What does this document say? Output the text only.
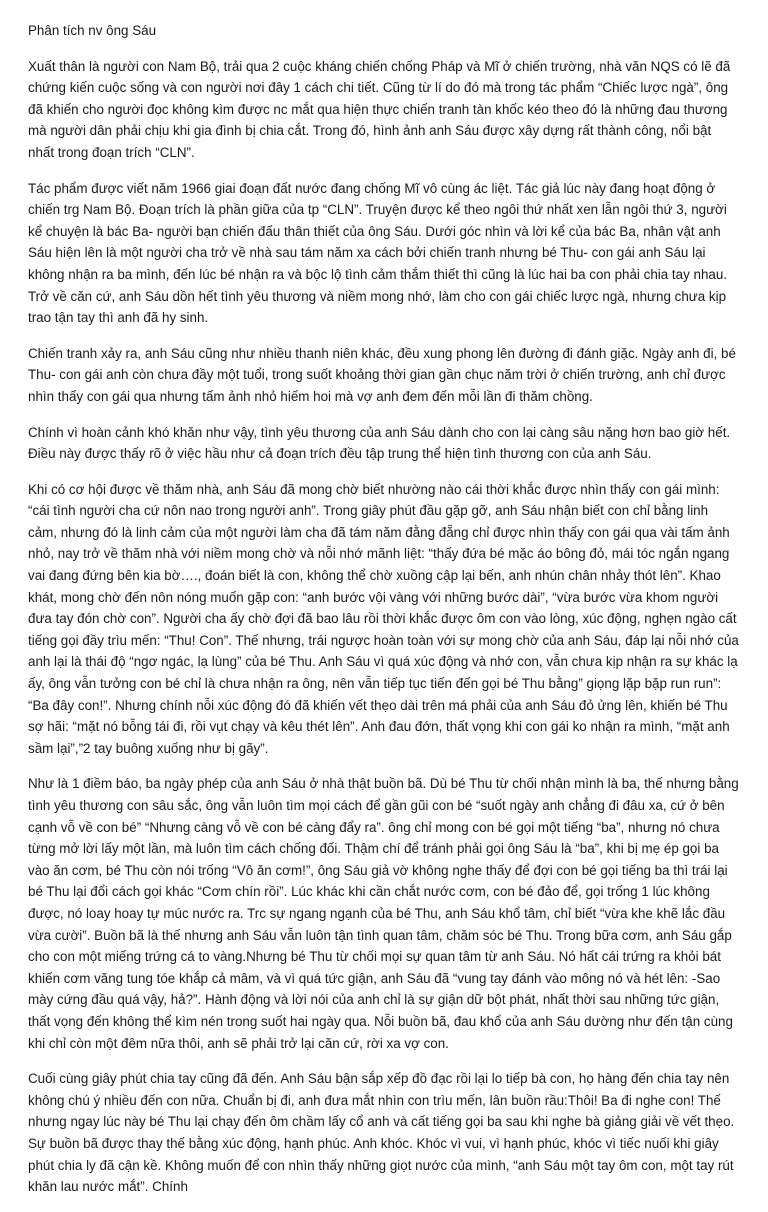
Phân tích nv ông Sáu

Xuất thân là người con Nam Bộ, trải qua 2 cuộc kháng chiến chống Pháp và Mĩ ở chiến trường, nhà văn NQS có lẽ đã chứng kiến cuộc sống và con người nơi đây 1 cách chi tiết. Cũng từ lí do đó mà trong tác phẩm “Chiếc lược ngà”, ông đã khiến cho người đọc không kìm được nc mắt qua hiện thực chiến tranh tàn khốc kéo theo đó là những đau thương mà người dân phải chịu khi gia đình bị chia cắt. Trong đó, hình ảnh anh Sáu được xây dựng rất thành công, nổi bật nhất trong đoạn trích “CLN”.

Tác phẩm được viết năm 1966 giai đoạn đất nước đang chống Mĩ vô cùng ác liệt. Tác giả lúc này đang hoạt động ở chiến trg Nam Bộ. Đoạn trích là phần giữa của tp “CLN”. Truyện được kể theo ngôi thứ nhất xen lẫn ngôi thứ 3, người kể chuyện là bác Ba- người bạn chiến đấu thân thiết của ông Sáu. Dưới góc nhìn và lời kể của bác Ba, nhân vật anh Sáu hiện lên là một người cha trở về nhà sau tám năm xa cách bởi chiến tranh nhưng bé Thu- con gái anh Sáu lại không nhận ra ba mình, đến lúc bé nhận ra và bộc lộ tình cảm thắm thiết thì cũng là lúc hai ba con phải chia tay nhau. Trở về căn cứ, anh Sáu dồn hết tình yêu thương và niềm mong nhớ, làm cho con gái chiếc lược ngà, nhưng chưa kịp trao tận tay thì anh đã hy sinh.

Chiến tranh xảy ra, anh Sáu cũng như nhiều thanh niên khác, đều xung phong lên đường đi đánh giặc. Ngày anh đi, bé Thu- con gái anh còn chưa đầy một tuổi, trong suốt khoảng thời gian gần chục năm trời ở chiến trường, anh chỉ được nhìn thấy con gái qua nhưng tấm ảnh nhỏ hiếm hoi mà vợ anh đem đến mỗi lần đi thăm chồng.

Chính vì hoàn cảnh khó khăn như vậy, tình yêu thương của anh Sáu dành cho con lại càng sâu nặng hơn bao giờ hết. Điều này được thấy rõ ở việc hầu như cả đoạn trích đều tập trung thể hiện tình thương con của anh Sáu.

Khi có cơ hội được về thăm nhà, anh Sáu đã mong chờ biết nhường nào cái thời khắc được nhìn thấy con gái mình: “cái tình người cha cứ nôn nao trong người anh”. Trong giây phút đầu gặp gỡ, anh Sáu nhận biết con chỉ bằng linh cảm, nhưng đó là linh cảm của một người làm cha đã tám năm đằng đẵng chỉ được nhìn thấy con gái qua vài tấm ảnh nhỏ, nay trở về thăm nhà với niềm mong chờ và nỗi nhớ mãnh liệt: “thấy đứa bé mặc áo bông đỏ, mái tóc ngắn ngang vai đang đứng bên kia bờ…., đoán biết là con, không thể chờ xuồng cập lại bến, anh nhún chân nhảy thót lên”. Khao khát, mong chờ đến nôn nóng muốn gặp con: “anh bước vội vàng với những bước dài”, “vừa bước vừa khom người đưa tay đón chờ con”. Người cha ấy chờ đợi đã bao lâu rồi thời khắc được ôm con vào lòng, xúc động, nghẹn ngào cất tiếng gọi đầy trìu mến: “Thu! Con”. Thế nhưng, trái ngược hoàn toàn với sự mong chờ của anh Sáu, đáp lại nỗi nhớ của anh lại là thái độ “ngơ ngác, lạ lùng” của bé Thu. Anh Sáu vì quá xúc động và nhớ con, vẫn chưa kịp nhận ra sự khác lạ ấy, ông vẫn tưởng con bé chỉ là chưa nhận ra ông, nên vẫn tiếp tục tiến đến gọi bé Thu bằng” giọng lặp bặp run run”: “Ba đây con!”. Nhưng chính nỗi xúc động đó đã khiến vết thẹo dài trên má phải của anh Sáu đỏ ửng lên, khiến bé Thu sợ hãi: “mặt nó bỗng tái đi, rồi vụt chạy và kêu thét lên”. Anh đau đớn, thất vọng khi con gái ko nhận ra mình, “mặt anh sầm lại”,”2 tay buông xuống như bị gãy”.

Như là 1 điềm báo, ba ngày phép của anh Sáu ở nhà thật buồn bã. Dù bé Thu từ chối nhận mình là ba, thế nhưng bằng tình yêu thương con sâu sắc, ông vẫn luôn tìm mọi cách để gần gũi con bé “suốt ngày anh chẳng đi đâu xa, cứ ở bên cạnh vỗ về con bé” “Nhưng càng vỗ về con bé càng đẩy ra”. ông chỉ mong con bé gọi một tiếng “ba”, nhưng nó chưa từng mở lời lấy một lần, mà luôn tìm cách chống đối. Thậm chí để tránh phải gọi ông Sáu là “ba”, khi bị mẹ ép gọi ba vào ăn cơm, bé Thu còn nói trống “Vô ăn cơm!”, ông Sáu giả vờ không nghe thấy để đợi con bé gọi tiếng ba thì trái lại bé Thu lại đổi cách gọi khác “Cơm chín rồi”. Lúc khác khi cần chắt nước cơm, con bé đảo để, gọi trống 1 lúc không được, nó loay hoay tự múc nước ra. Trc sự ngang ngạnh của bé Thu, anh Sáu khổ tâm, chỉ biết “vừa khe khẽ lắc đầu vừa cười”. Buồn bã là thế nhưng anh Sáu vẫn luôn tận tình quan tâm, chăm sóc bé Thu. Trong bữa cơm, anh Sáu gắp cho con một miếng trứng cá to vàng.Nhưng bé Thu từ chối mọi sự quan tâm từ anh Sáu. Nó hất cái trứng ra khỏi bát khiến cơm văng tung tóe khắp cả mâm, và vì quá tức giận, anh Sáu đã “vung tay đánh vào mông nó và hét lên: -Sao mày cứng đầu quá vậy, hả?”. Hành động và lời nói của anh chỉ là sự giận dữ bột phát, nhất thời sau những tức giận, thất vọng đến không thể kìm nén trong suốt hai ngày qua. Nỗi buồn bã, đau khổ của anh Sáu dường như đến tận cùng khi chỉ còn một đêm nữa thôi, anh sẽ phải trở lại căn cứ, rời xa vợ con.

Cuối cùng giây phút chia tay cũng đã đến. Anh Sáu bận sắp xếp đồ đạc rồi lại lo tiếp bà con, họ hàng đến chia tay nên không chú ý nhiều đến con nữa. Chuẩn bị đi, anh đưa mắt nhìn con trìu mến, lân buồn rầu:Thôi! Ba đi nghe con! Thế nhưng ngay lúc này bé Thu lại chạy đến ôm chầm lấy cổ anh và cất tiếng gọi ba sau khi nghe bà giảng giải về vết thẹo. Sự buồn bã được thay thế bằng xúc động, hạnh phúc. Anh khóc. Khóc vì vui, vì hạnh phúc, khóc vì tiếc nuối khi giây phút chia ly đã cận kề. Không muốn để con nhìn thấy những giọt nước của mình, “anh Sáu một tay ôm con, một tay rút khăn lau nước mắt”. Chính
